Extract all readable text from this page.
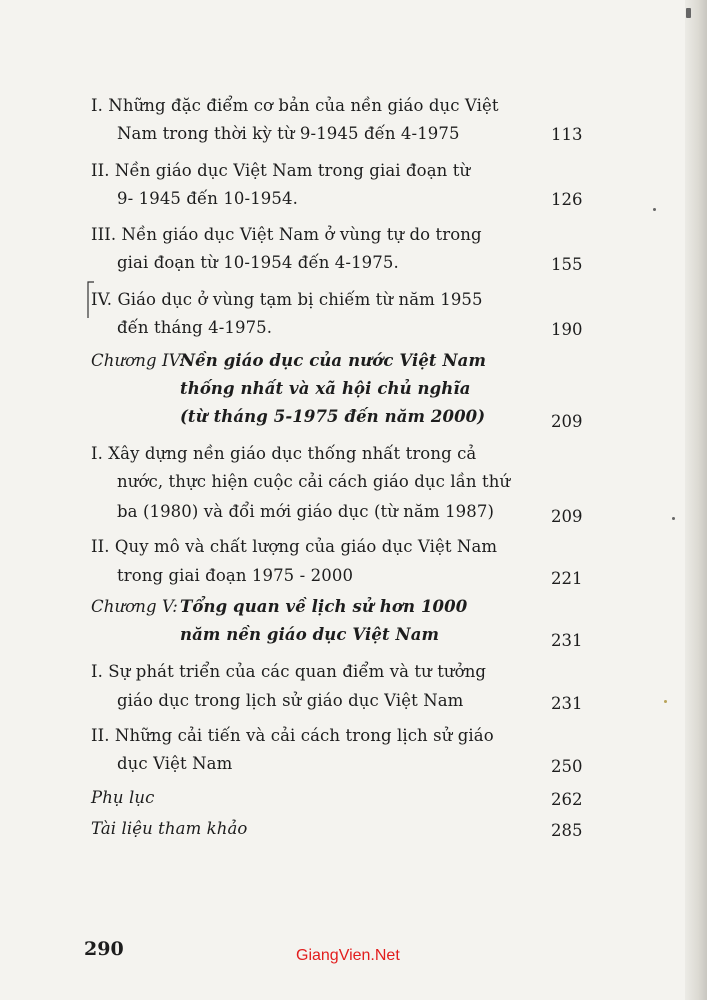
I. Những đặc điểm cơ bản của nền giáo dục Việt
Nam trong thời kỳ từ 9-1945 đến 4-1975	113
II. Nền giáo dục Việt Nam trong giai đoạn từ
9- 1945 đến 10-1954.	126
III. Nền giáo dục Việt Nam ở vùng tự do trong
giai đoạn từ 10-1954 đến 4-1975.	155
IV. Giáo dục ở vùng tạm bị chiếm từ năm 1955
đến tháng 4-1975.	190
Chương IV:
Nền giáo dục của nước Việt Nam
thống nhất và xã hội chủ nghĩa
(từ tháng 5-1975 đến năm 2000)	209
I. Xây dựng nền giáo dục thống nhất trong cả
nước, thực hiện cuộc cải cách giáo dục lần thứ
ba (1980) và đổi mới giáo dục (từ năm 1987)	209
II. Quy mô và chất lượng của giáo dục Việt Nam
trong giai đoạn 1975 - 2000	221
Chương V: Tổng quan về lịch sử hơn 1000
năm nền giáo dục Việt Nam	231
I. Sự phát triển của các quan điểm và tư tưởng
giáo dục trong lịch sử giáo dục Việt Nam	231
II. Những cải tiến và cải cách trong lịch sử giáo
dục Việt Nam	250
Phụ lục	262
Tài liệu tham khảo	285
290	GiangVien.Net
